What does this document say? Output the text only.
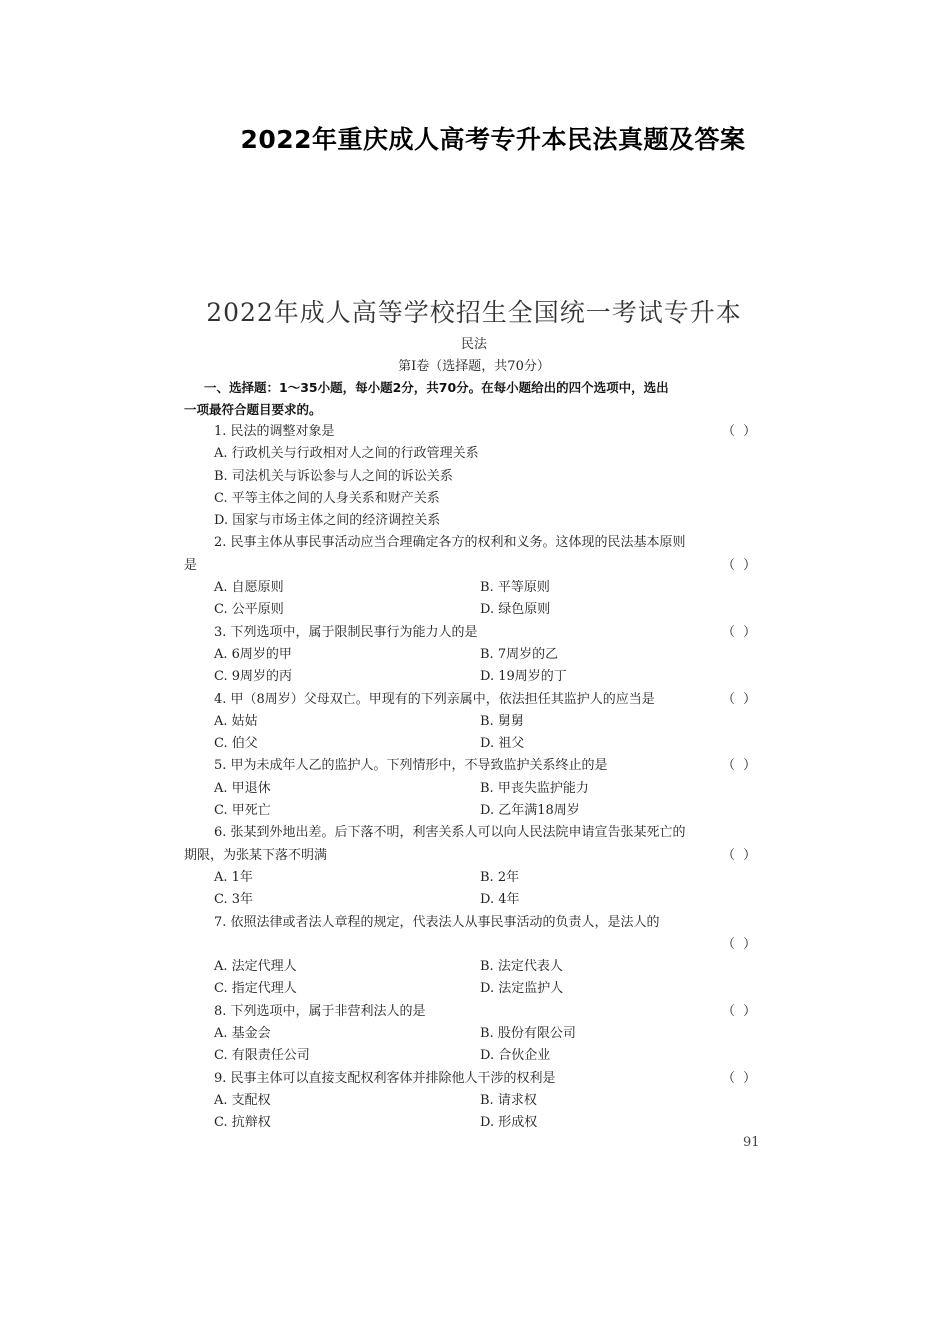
2022年重庆成人高考专升本民法真题及答案
2022年成人高等学校招生全国统一考试专升本
民法
第Ⅰ卷（选择题，共70分）
一、选择题：1～35小题，每小题2分，共70分。在每小题给出的四个选项中，选出
一项最符合题目要求的。
1. 民法的调整对象是	（ ）
A. 行政机关与行政相对人之间的行政管理关系
B. 司法机关与诉讼参与人之间的诉讼关系
C. 平等主体之间的人身关系和财产关系
D. 国家与市场主体之间的经济调控关系
2. 民事主体从事民事活动应当合理确定各方的权利和义务。这体现的民法基本原则
是	（ ）
A. 自愿原则	B. 平等原则
C. 公平原则	D. 绿色原则
3. 下列选项中，属于限制民事行为能力人的是	（ ）
A. 6周岁的甲	B. 7周岁的乙
C. 9周岁的丙	D. 19周岁的丁
4. 甲（8周岁）父母双亡。甲现有的下列亲属中，依法担任其监护人的应当是	（ ）
A. 姑姑	B. 舅舅
C. 伯父	D. 祖父
5. 甲为未成年人乙的监护人。下列情形中，不导致监护关系终止的是	（ ）
A. 甲退休	B. 甲丧失监护能力
C. 甲死亡	D. 乙年满18周岁
6. 张某到外地出差。后下落不明，利害关系人可以向人民法院申请宣告张某死亡的
期限，为张某下落不明满	（ ）
A. 1年	B. 2年
C. 3年	D. 4年
7. 依照法律或者法人章程的规定，代表法人从事民事活动的负责人，是法人的
（ ）
A. 法定代理人	B. 法定代表人
C. 指定代理人	D. 法定监护人
8. 下列选项中，属于非营利法人的是	（ ）
A. 基金会	B. 股份有限公司
C. 有限责任公司	D. 合伙企业
9. 民事主体可以直接支配权利客体并排除他人干涉的权利是	（ ）
A. 支配权	B. 请求权
C. 抗辩权	D. 形成权
91
